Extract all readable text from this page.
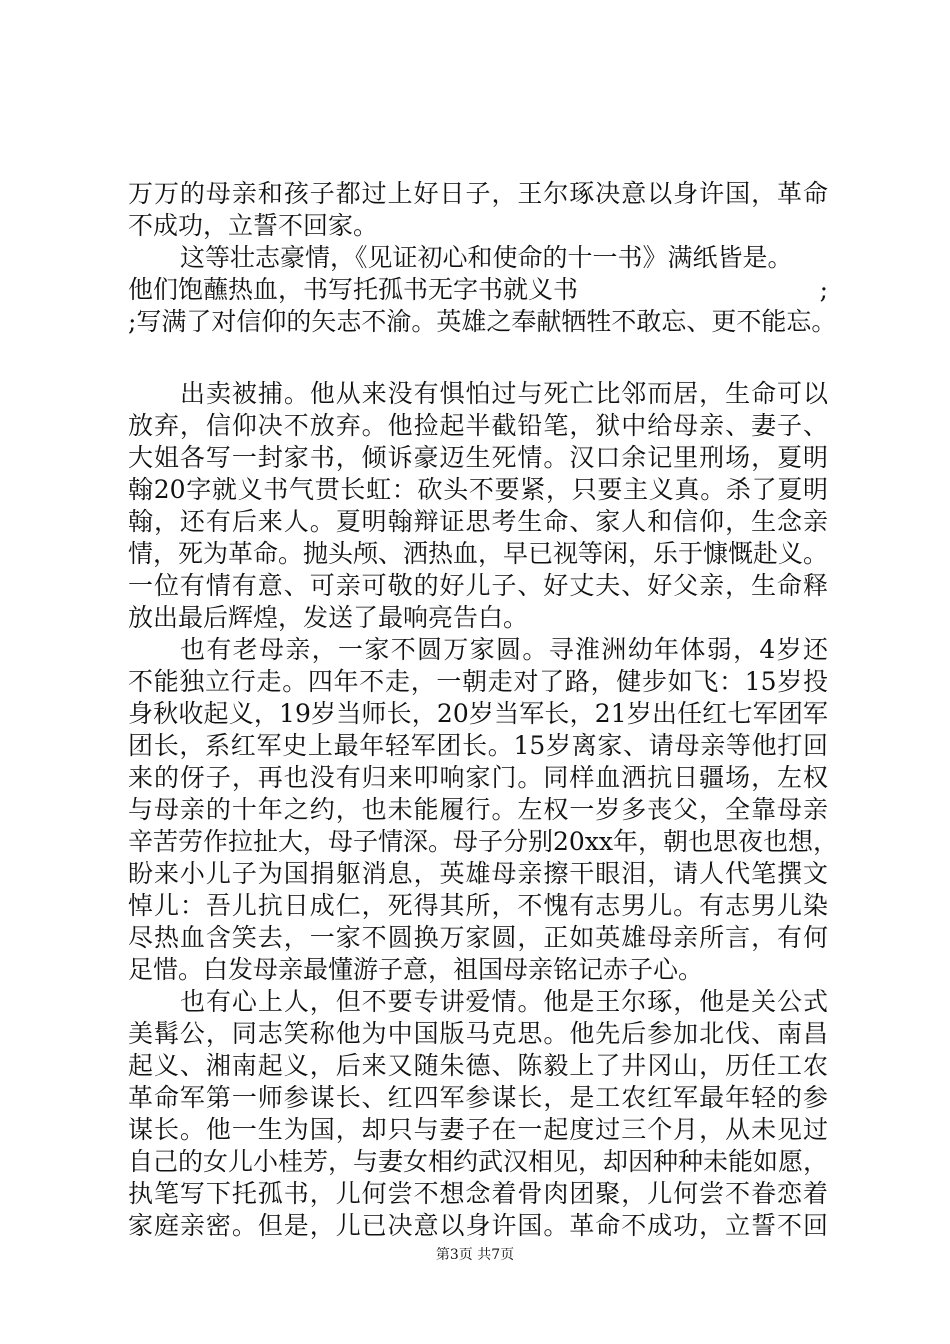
万万的母亲和孩子都过上好日子，王尔琢决意以身许国，革命
不成功，立誓不回家。
这等壮志豪情，《见证初心和使命的十一书》满纸皆是。
他们饱蘸热血，书写托孤书无字书就义书	;
;写满了对信仰的矢志不渝。英雄之奉献牺牲不敢忘、更不能忘。
出卖被捕。他从来没有惧怕过与死亡比邻而居，生命可以
放弃，信仰决不放弃。他捡起半截铅笔，狱中给母亲、妻子、
大姐各写一封家书，倾诉豪迈生死情。汉口余记里刑场，夏明
翰20字就义书气贯长虹：砍头不要紧，只要主义真。杀了夏明
翰，还有后来人。夏明翰辩证思考生命、家人和信仰，生念亲
情，死为革命。抛头颅、洒热血，早已视等闲，乐于慷慨赴义。
一位有情有意、可亲可敬的好儿子、好丈夫、好父亲，生命释
放出最后辉煌，发送了最响亮告白。
也有老母亲，一家不圆万家圆。寻淮洲幼年体弱，4岁还
不能独立行走。四年不走，一朝走对了路，健步如飞：15岁投
身秋收起义，19岁当师长，20岁当军长，21岁出任红七军团军
团长，系红军史上最年轻军团长。15岁离家、请母亲等他打回
来的伢子，再也没有归来叩响家门。同样血洒抗日疆场，左权
与母亲的十年之约，也未能履行。左权一岁多丧父，全靠母亲
辛苦劳作拉扯大，母子情深。母子分别20xx年，朝也思夜也想，
盼来小儿子为国捐躯消息，英雄母亲擦干眼泪，请人代笔撰文
悼儿：吾儿抗日成仁，死得其所，不愧有志男儿。有志男儿染
尽热血含笑去，一家不圆换万家圆，正如英雄母亲所言，有何
足惜。白发母亲最懂游子意，祖国母亲铭记赤子心。
也有心上人，但不要专讲爱情。他是王尔琢，他是关公式
美髯公，同志笑称他为中国版马克思。他先后参加北伐、南昌
起义、湘南起义，后来又随朱德、陈毅上了井冈山，历任工农
革命军第一师参谋长、红四军参谋长，是工农红军最年轻的参
谋长。他一生为国，却只与妻子在一起度过三个月，从未见过
自己的女儿小桂芳，与妻女相约武汉相见，却因种种未能如愿，
执笔写下托孤书，儿何尝不想念着骨肉团聚，儿何尝不眷恋着
家庭亲密。但是，儿已决意以身许国。革命不成功，立誓不回
第3页 共7页
